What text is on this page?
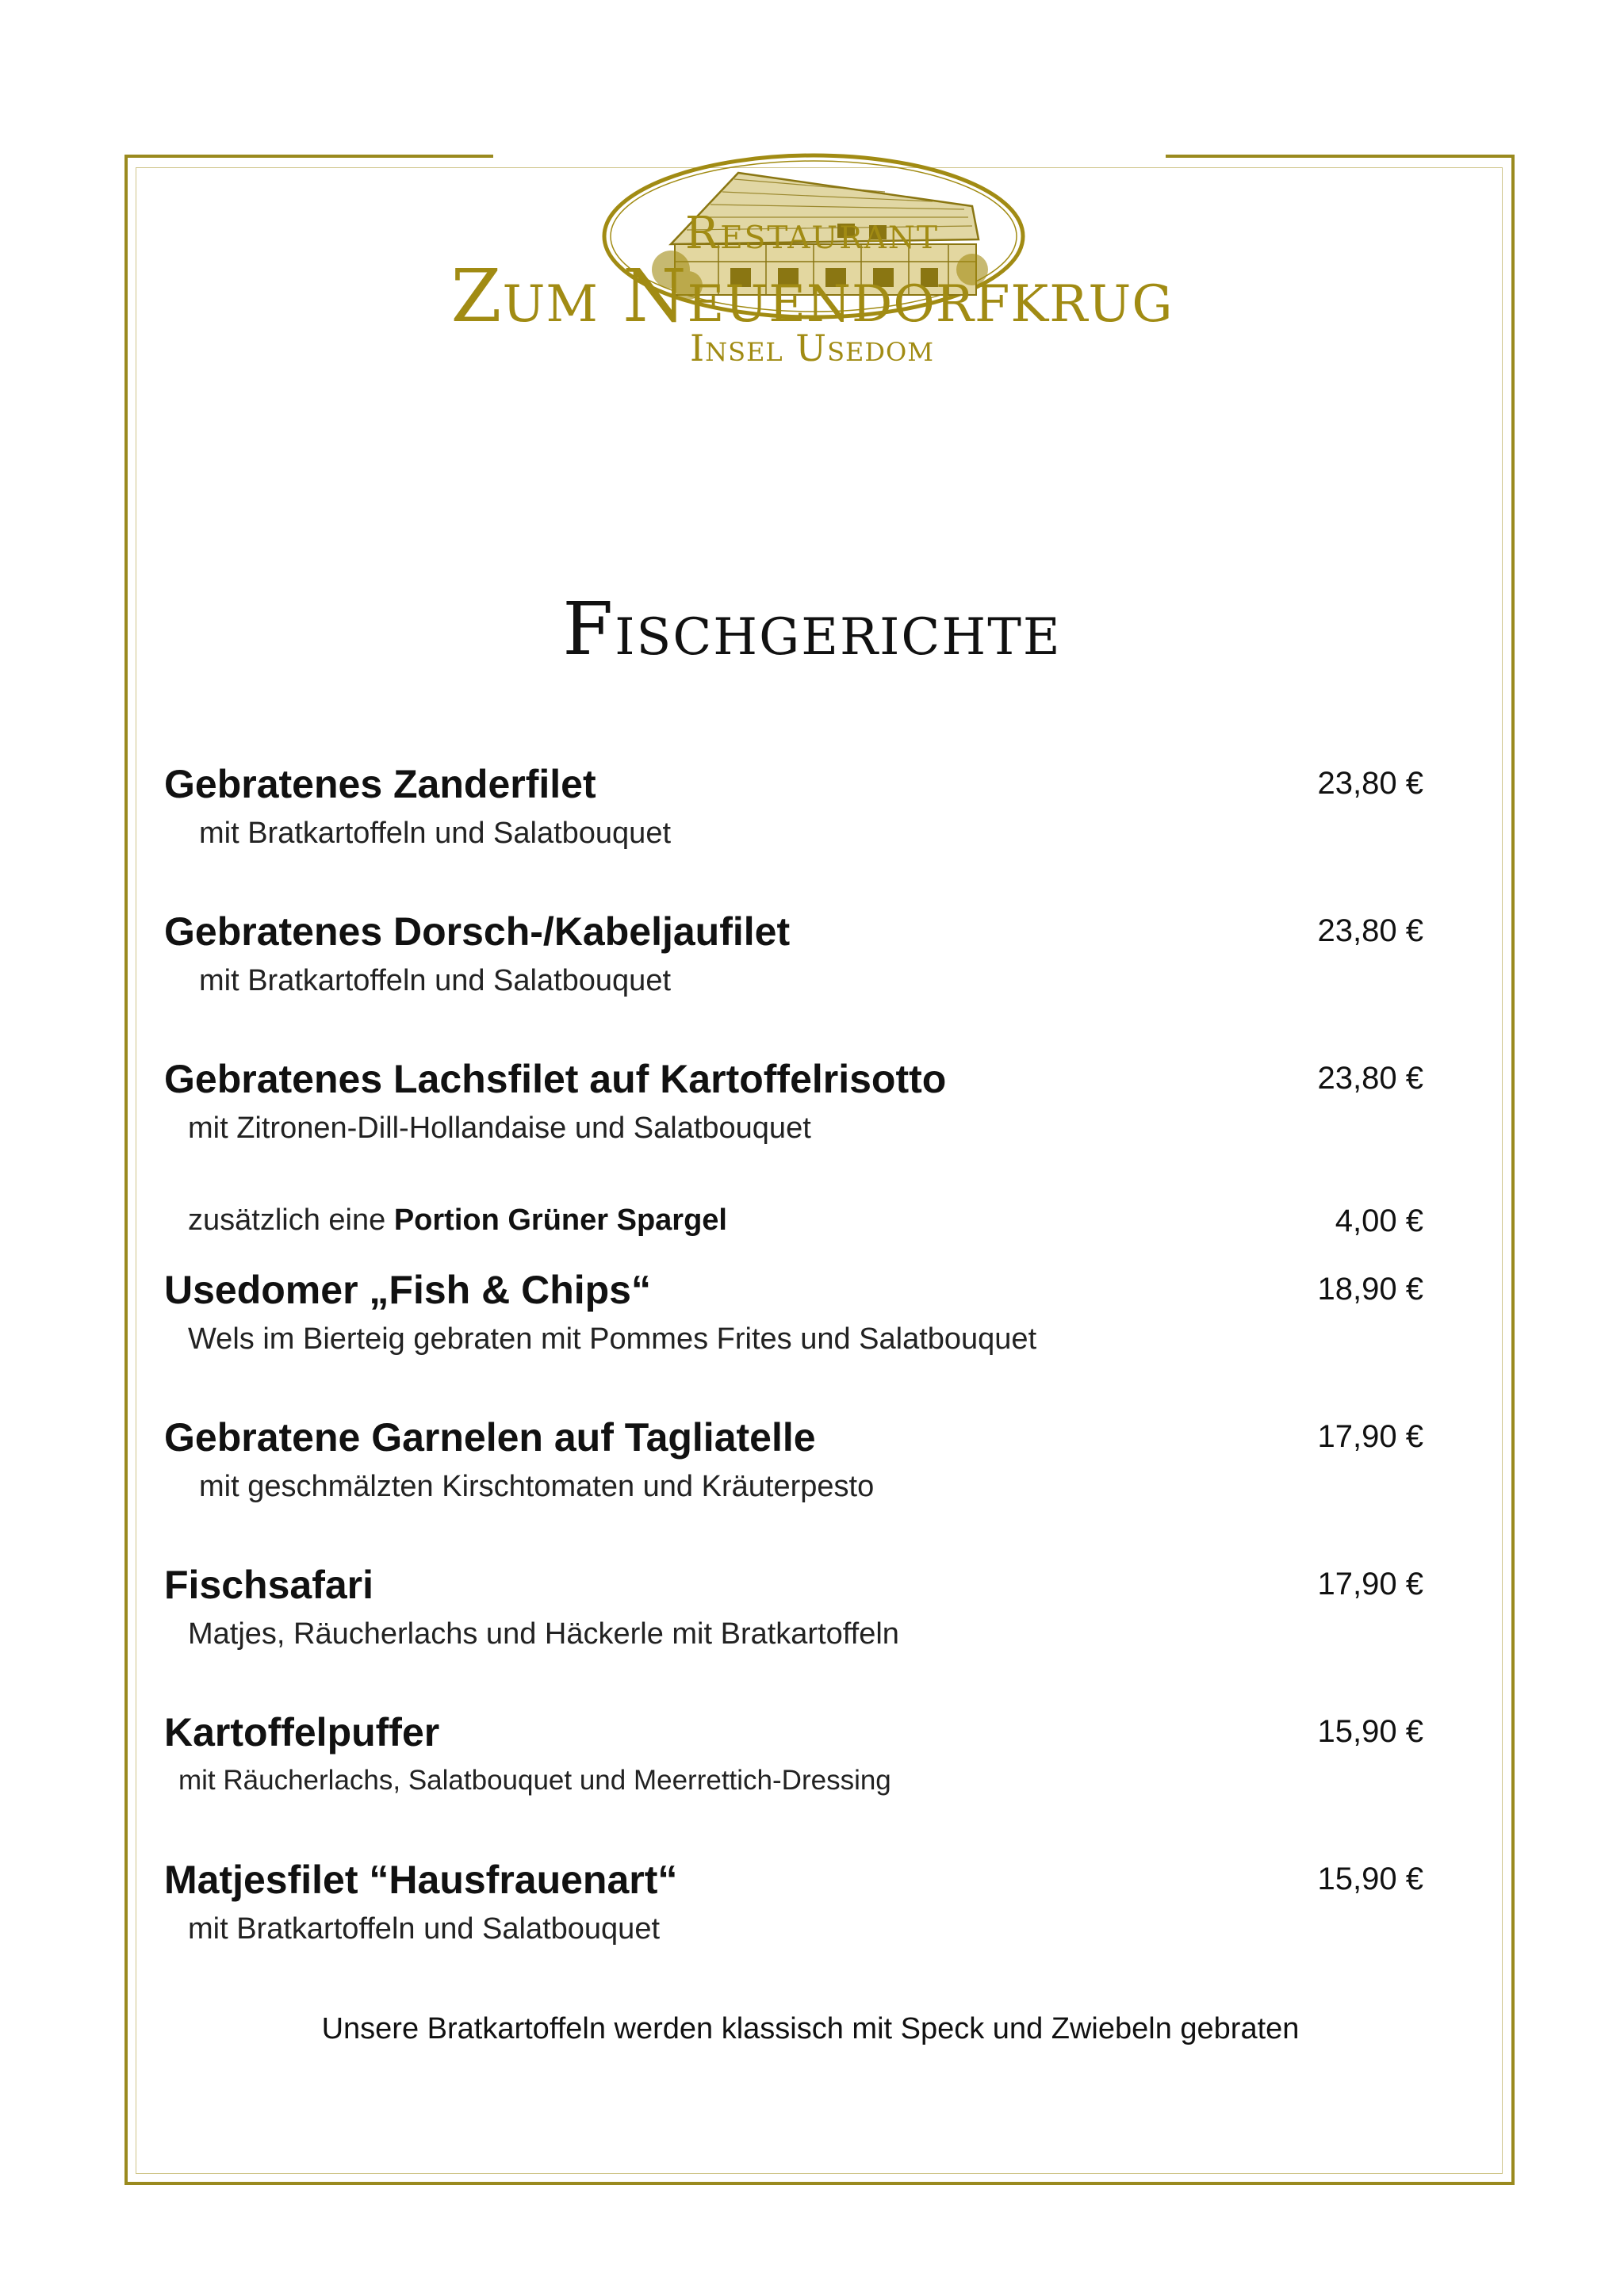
Restaurant
Zum Neuendorfkrug
Insel Usedom
Fischgerichte
Gebratenes Zanderfilet	23,80 €
mit Bratkartoffeln und Salatbouquet
Gebratenes Dorsch-/Kabeljaufilet	23,80 €
mit Bratkartoffeln und Salatbouquet
Gebratenes Lachsfilet auf Kartoffelrisotto	23,80 €
mit Zitronen-Dill-Hollandaise und Salatbouquet
zusätzlich eine Portion Grüner Spargel	4,00 €
Usedomer „Fish & Chips“	18,90 €
Wels im Bierteig gebraten mit Pommes Frites und Salatbouquet
Gebratene Garnelen auf Tagliatelle	17,90 €
mit geschmälzten Kirschtomaten und Kräuterpesto
Fischsafari	17,90 €
Matjes, Räucherlachs und Häckerle mit Bratkartoffeln
Kartoffelpuffer	15,90 €
mit Räucherlachs, Salatbouquet und Meerrettich-Dressing
Matjesfilet “Hausfrauenart“	15,90 €
mit Bratkartoffeln und Salatbouquet
Unsere Bratkartoffeln werden klassisch mit Speck und Zwiebeln gebraten
